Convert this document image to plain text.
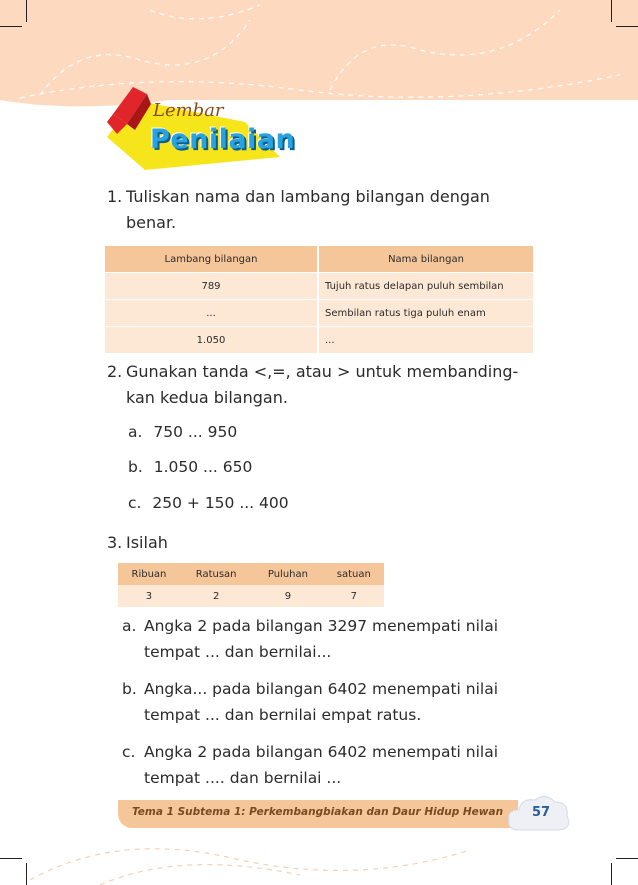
Lembar
Penilaian
1. Tuliskan nama dan lambang bilangan dengan
benar.
Lambang bilangan	Nama bilangan
789	Tujuh ratus delapan puluh sembilan
...	Sembilan ratus tiga puluh enam
1.050	...
2. Gunakan tanda <,=, atau > untuk membanding-
kan kedua bilangan.
a. 750 ... 950
b. 1.050 ... 650
c. 250 + 150 ... 400
3. Isilah
Ribuan	Ratusan	Puluhan	satuan
3	2	9	7
a. Angka 2 pada bilangan 3297 menempati nilai
tempat ... dan bernilai...
b. Angka... pada bilangan 6402 menempati nilai
tempat ... dan bernilai empat ratus.
c. Angka 2 pada bilangan 6402 menempati nilai
tempat .... dan bernilai ...
Tema 1 Subtema 1: Perkembangbiakan dan Daur Hidup Hewan	57
